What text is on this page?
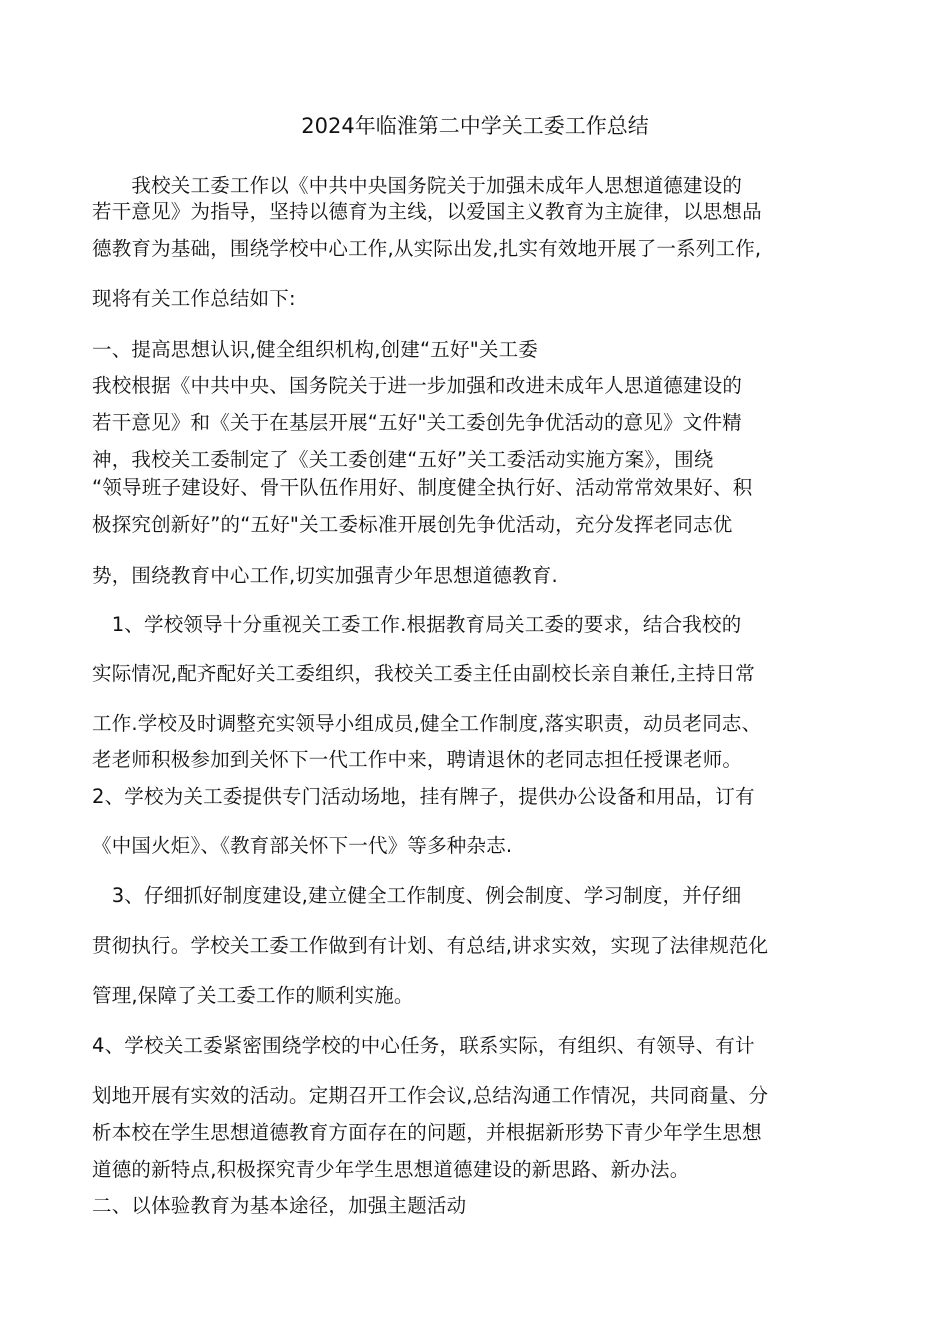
2024年临淮第二中学关工委工作总结
　　我校关工委工作以《中共中央国务院关于加强未成年人思想道德建设的
若干意见》为指导，坚持以德育为主线，以爱国主义教育为主旋律，以思想品
德教育为基础，围绕学校中心工作,从实际出发,扎实有效地开展了一系列工作,
现将有关工作总结如下:
一、提高思想认识,健全组织机构,创建“五好"关工委
我校根据《中共中央、国务院关于进一步加强和改进未成年人思道德建设的
若干意见》和《关于在基层开展“五好"关工委创先争优活动的意见》文件精
神，我校关工委制定了《关工委创建“五好”关工委活动实施方案》，围绕
“领导班子建设好、骨干队伍作用好、制度健全执行好、活动常常效果好、积
极探究创新好”的“五好"关工委标准开展创先争优活动，充分发挥老同志优
势，围绕教育中心工作,切实加强青少年思想道德教育.
　1、学校领导十分重视关工委工作.根据教育局关工委的要求，结合我校的
实际情况,配齐配好关工委组织，我校关工委主任由副校长亲自兼任,主持日常
工作.学校及时调整充实领导小组成员,健全工作制度,落实职责，动员老同志、
老老师积极参加到关怀下一代工作中来，聘请退休的老同志担任授课老师。
2、学校为关工委提供专门活动场地，挂有牌子，提供办公设备和用品，订有
《中国火炬》、《教育部关怀下一代》等多种杂志.
　3、仔细抓好制度建设,建立健全工作制度、例会制度、学习制度，并仔细
贯彻执行。学校关工委工作做到有计划、有总结,讲求实效，实现了法律规范化
管理,保障了关工委工作的顺利实施。
4、学校关工委紧密围绕学校的中心任务，联系实际，有组织、有领导、有计
划地开展有实效的活动。定期召开工作会议,总结沟通工作情况，共同商量、分
析本校在学生思想道德教育方面存在的问题，并根据新形势下青少年学生思想
道德的新特点,积极探究青少年学生思想道德建设的新思路、新办法。
二、以体验教育为基本途径，加强主题活动
